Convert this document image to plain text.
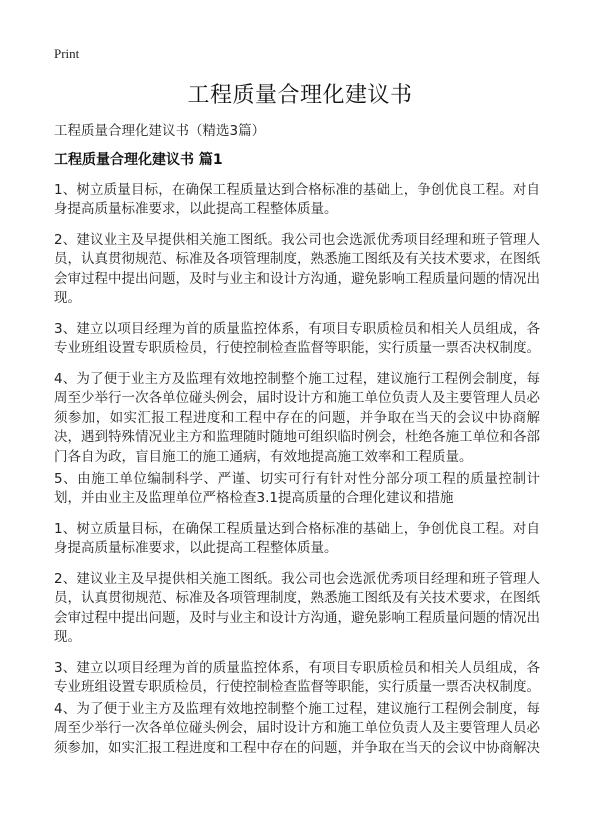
Print
工程质量合理化建议书
工程质量合理化建议书（精选3篇）
工程质量合理化建议书 篇1

1、树立质量目标，在确保工程质量达到合格标准的基础上，争创优良工程。对自身提高质量标准要求，以此提高工程整体质量。

2、建议业主及早提供相关施工图纸。我公司也会选派优秀项目经理和班子管理人员，认真贯彻规范、标准及各项管理制度，熟悉施工图纸及有关技术要求，在图纸会审过程中提出问题，及时与业主和设计方沟通，避免影响工程质量问题的情况出现。

3、建立以项目经理为首的质量监控体系，有项目专职质检员和相关人员组成，各专业班组设置专职质检员，行使控制检查监督等职能，实行质量一票否决权制度。

4、为了便于业主方及监理有效地控制整个施工过程，建议施行工程例会制度，每周至少举行一次各单位碰头例会，届时设计方和施工单位负责人及主要管理人员必须参加，如实汇报工程进度和工程中存在的问题，并争取在当天的会议中协商解决，遇到特殊情况业主方和监理随时随地可组织临时例会，杜绝各施工单位和各部门各自为政，盲目施工的施工通病，有效地提高施工效率和工程质量。

5、由施工单位编制科学、严谨、切实可行有针对性分部分项工程的质量控制计划，并由业主及监理单位严格检查3.1提高质量的合理化建议和措施

1、树立质量目标，在确保工程质量达到合格标准的基础上，争创优良工程。对自身提高质量标准要求，以此提高工程整体质量。

2、建议业主及早提供相关施工图纸。我公司也会选派优秀项目经理和班子管理人员，认真贯彻规范、标准及各项管理制度，熟悉施工图纸及有关技术要求，在图纸会审过程中提出问题，及时与业主和设计方沟通，避免影响工程质量问题的情况出现。

3、建立以项目经理为首的质量监控体系，有项目专职质检员和相关人员组成，各专业班组设置专职质检员，行使控制检查监督等职能，实行质量一票否决权制度。

4、为了便于业主方及监理有效地控制整个施工过程，建议施行工程例会制度，每周至少举行一次各单位碰头例会，届时设计方和施工单位负责人及主要管理人员必须参加，如实汇报工程进度和工程中存在的问题，并争取在当天的会议中协商解决
